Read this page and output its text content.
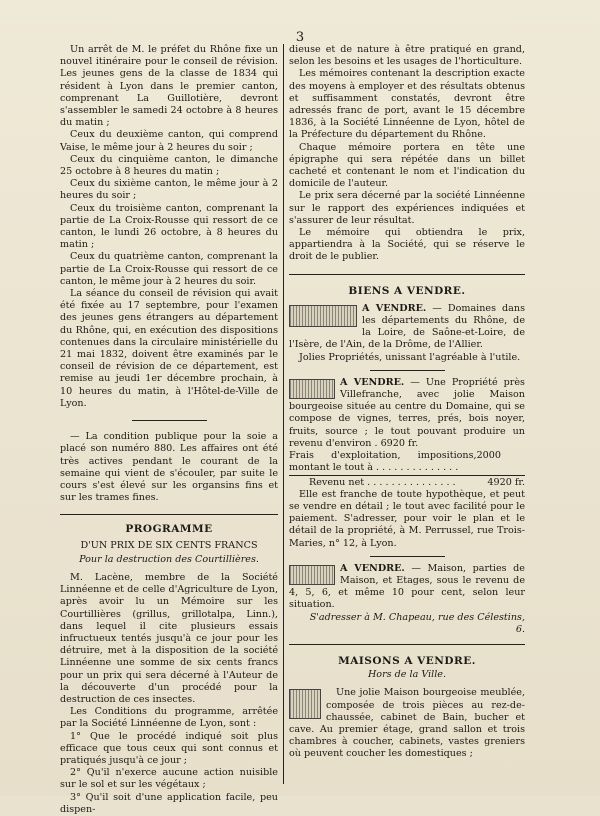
3

Un arrêt de M. le préfet du Rhône fixe un nouvel itinéraire pour le conseil de révision. Les jeunes gens de la classe de 1834 qui résident à Lyon dans le premier canton, comprenant La Guillotière, devront s'assembler le samedi 24 octobre à 8 heures du matin ;

Ceux du deuxième canton, qui comprend Vaise, le même jour à 2 heures du soir ;

Ceux du cinquième canton, le dimanche 25 octobre à 8 heures du matin ;

Ceux du sixième canton, le même jour à 2 heures du soir ;

Ceux du troisième canton, comprenant la partie de La Croix-Rousse qui ressort de ce canton, le lundi 26 octobre, à 8 heures du matin ;

Ceux du quatrième canton, comprenant la partie de La Croix-Rousse qui ressort de ce canton, le même jour à 2 heures du soir.

La séance du conseil de révision qui avait été fixée au 17 septembre, pour l'examen des jeunes gens étrangers au département du Rhône, qui, en exécution des dispositions contenues dans la circulaire ministérielle du 21 mai 1832, doivent être examinés par le conseil de révision de ce département, est remise au jeudi 1er décembre prochain, à 10 heures du matin, à l'Hôtel-de-Ville de Lyon.

— La condition publique pour la soie a placé son numéro 880. Les affaires ont été très actives pendant le courant de la semaine qui vient de s'écouler, par suite le cours s'est élevé sur les organsins fins et sur les trames fines.

PROGRAMME
D'UN PRIX DE SIX CENTS FRANCS
Pour la destruction des Courtillières.

M. Lacène, membre de la Société Linnéenne et de celle d'Agriculture de Lyon, après avoir lu un Mémoire sur les Courtillières (grillus, grillotalpa, Linn.), dans lequel il cite plusieurs essais infructueux tentés jusqu'à ce jour pour les détruire, met à la disposition de la société Linnéenne une somme de six cents francs pour un prix qui sera décerné à l'Auteur de la découverte d'un procédé pour la destruction de ces insectes.

Les Conditions du programme, arrêtée par la Société Linnéenne de Lyon, sont :

1° Que le procédé indiqué soit plus efficace que tous ceux qui sont connus et pratiqués jusqu'à ce jour ;

2° Qu'il n'exerce aucune action nuisible sur le sol et sur les végétaux ;

3° Qu'il soit d'une application facile, peu dispen-

dieuse et de nature à être pratiqué en grand, selon les besoins et les usages de l'horticulture.

Les mémoires contenant la description exacte des moyens à employer et des résultats obtenus et suffisamment constatés, devront être adressés franc de port, avant le 15 décembre 1836, à la Société Linnéenne de Lyon, hôtel de la Préfecture du département du Rhône.

Chaque mémoire portera en tête une épigraphe qui sera répétée dans un billet cacheté et contenant le nom et l'indication du domicile de l'auteur.

Le prix sera décerné par la société Linnéenne sur le rapport des expériences indiquées et s'assurer de leur résultat.

Le mémoire qui obtiendra le prix, appartiendra à la Société, qui se réserve le droit de le publier.

BIENS A VENDRE.

A VENDRE. — Domaines dans les départements du Rhône, de la Loire, de Saône-et-Loire, de l'Isère, de l'Ain, de la Drôme, de l'Allier.

Jolies Propriétés, unissant l'agréable à l'utile.

A VENDRE. — Une Propriété près Villefranche, avec jolie Maison bourgeoise située au centre du Domaine, qui se compose de vignes, terres, prés, bois noyer, fruits, source ; le tout pouvant produire un revenu d'environ . 6920 fr.

Frais d'exploitation, impositions, montant le tout à . . . . . . . . . . . . . .
2000
Revenu net . . . . . . . . . . . . . . .	4920 fr.

Elle est franche de toute hypothèque, et peut se vendre en détail ; le tout avec facilité pour le paiement. S'adresser, pour voir le plan et le détail de la propriété, à M. Perrussel, rue Trois-Maries, n° 12, à Lyon.

A VENDRE. — Maison, parties de Maison, et Etages, sous le revenu de 4, 5, 6, et même 10 pour cent, selon leur situation.

S'adresser à M. Chapeau, rue des Célestins, 6.

MAISONS A VENDRE.
Hors de la Ville.

Une jolie Maison bourgeoise meublée, composée de trois pièces au rez-de-chaussée, cabinet de Bain, bucher et cave. Au premier étage, grand sallon et trois chambres à coucher, cabinets, vastes greniers où peuvent coucher les domestiques ;
